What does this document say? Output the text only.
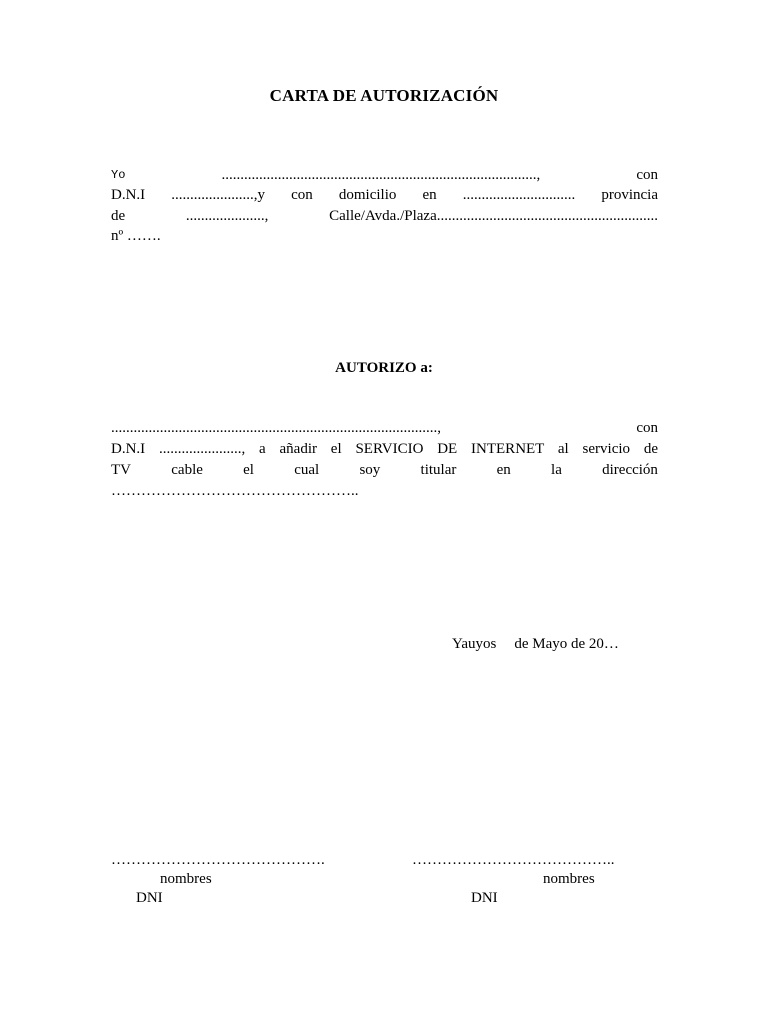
CARTA DE AUTORIZACIÓN
Yo	....................................................................................,	con
D.N.I ......................,y con domicilio en .............................. provincia
de	.....................,	Calle/Avda./Plaza...........................................................
nº …….
AUTORIZO a:
.......................................................................................,	con
D.N.I ......................, a añadir el SERVICIO DE INTERNET al servicio de
TV	cable	el	cual	soy	titular	en	la	dirección
…………………………………………..
Yauyos de Mayo de 20…
…………………………………….
nombres
DNI
…………………………………..
nombres
DNI
